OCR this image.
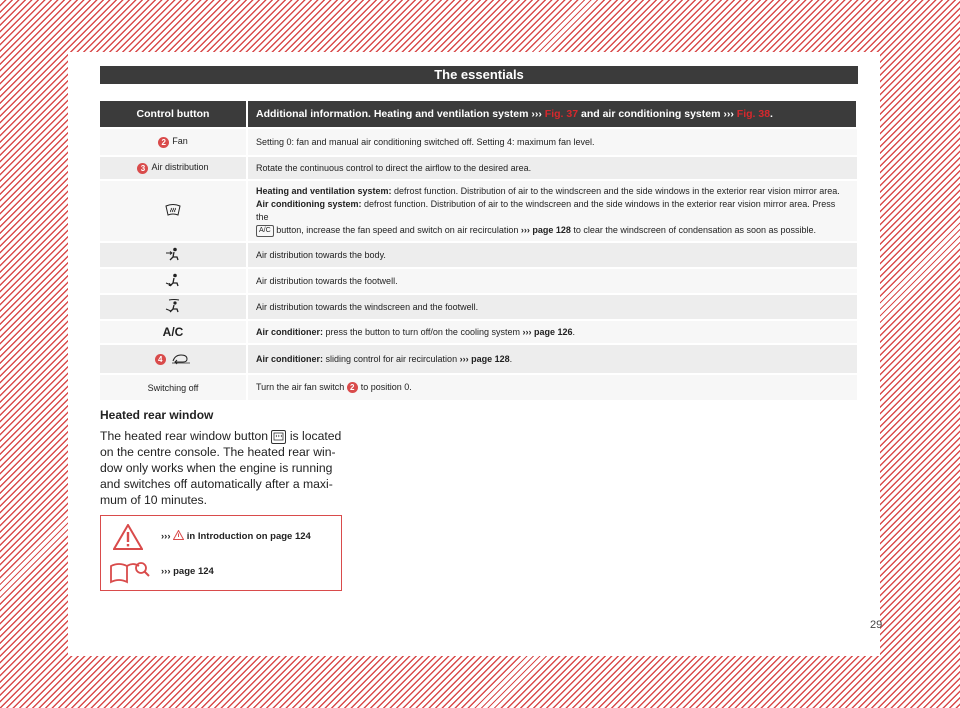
The essentials
Control button	Additional information. Heating and ventilation system ››› Fig. 37 and air conditioning system ››› Fig. 38.
2 Fan	Setting 0: fan and manual air conditioning switched off. Setting 4: maximum fan level.
3 Air distribution	Rotate the continuous control to direct the airflow to the desired area.
	Heating and ventilation system: defrost function. Distribution of air to the windscreen and the side windows in the exterior rear vision mirror area.
Air conditioning system: defrost function. Distribution of air to the windscreen and the side windows in the exterior rear vision mirror area. Press the
A/C button, increase the fan speed and switch on air recirculation ››› page 128 to clear the windscreen of condensation as soon as possible.
	Air distribution towards the body.
	Air distribution towards the footwell.
	Air distribution towards the windscreen and the footwell.
A/C	Air conditioner: press the button to turn off/on the cooling system ››› page 126.
4	Air conditioner: sliding control for air recirculation ››› page 128.
Switching off	Turn the air fan switch 2 to position 0.
Heated rear window

The heated rear window button is located on the centre console. The heated rear win-dow only works when the engine is running and switches off automatically after a maxi-mum of 10 minutes.

››› in Introduction on page 124
››› page 124
29
